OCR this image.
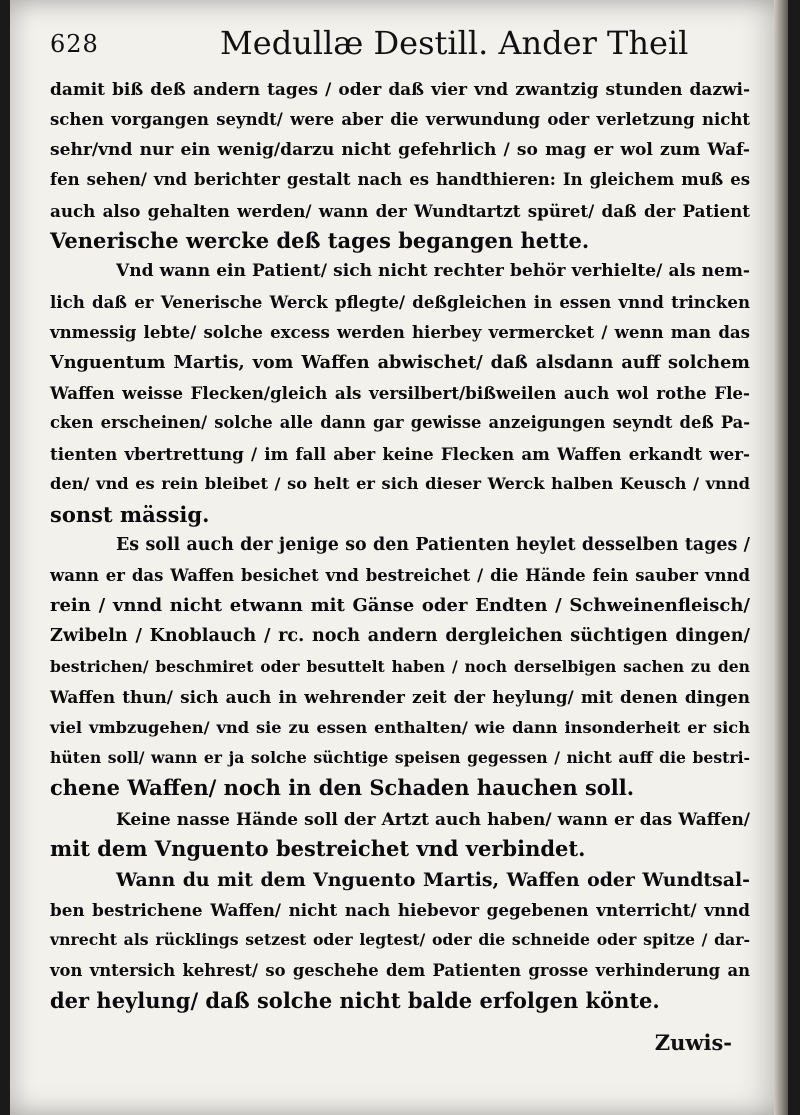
628	Medullæ Destill. Ander Theil
damit biß deß andern tages / oder daß vier vnd zwantzig stunden dazwi-
schen vorgangen seyndt/ were aber die verwundung oder verletzung nicht
sehr/vnd nur ein wenig/darzu nicht gefehrlich / so mag er wol zum Waf-
fen sehen/ vnd berichter gestalt nach es handthieren: In gleichem muß es
auch also gehalten werden/ wann der Wundtartzt spüret/ daß der Patient
Venerische wercke deß tages begangen hette.
Vnd wann ein Patient/ sich nicht rechter behör verhielte/ als nem-
lich daß er Venerische Werck pflegte/ deßgleichen in essen vnnd trincken
vnmessig lebte/ solche excess werden hierbey vermercket / wenn man das
Vnguentum Martis, vom Waffen abwischet/ daß alsdann auff solchem
Waffen weisse Flecken/gleich als versilbert/bißweilen auch wol rothe Fle-
cken erscheinen/ solche alle dann gar gewisse anzeigungen seyndt deß Pa-
tienten vbertrettung / im fall aber keine Flecken am Waffen erkandt wer-
den/ vnd es rein bleibet / so helt er sich dieser Werck halben Keusch / vnnd
sonst mässig.
Es soll auch der jenige so den Patienten heylet desselben tages /
wann er das Waffen besichet vnd bestreichet / die Hände fein sauber vnnd
rein / vnnd nicht etwann mit Gänse oder Endten / Schweinenfleisch/
Zwibeln / Knoblauch / rc. noch andern dergleichen süchtigen dingen/
bestrichen/ beschmiret oder besuttelt haben / noch derselbigen sachen zu den
Waffen thun/ sich auch in wehrender zeit der heylung/ mit denen dingen
viel vmbzugehen/ vnd sie zu essen enthalten/ wie dann insonderheit er sich
hüten soll/ wann er ja solche süchtige speisen gegessen / nicht auff die bestri-
chene Waffen/ noch in den Schaden hauchen soll.
Keine nasse Hände soll der Artzt auch haben/ wann er das Waffen/
mit dem Vnguento bestreichet vnd verbindet.
Wann du mit dem Vnguento Martis, Waffen oder Wundtsal-
ben bestrichene Waffen/ nicht nach hiebevor gegebenen vnterricht/ vnnd
vnrecht als rücklings setzest oder legtest/ oder die schneide oder spitze / dar-
von vntersich kehrest/ so geschehe dem Patienten grosse verhinderung an
der heylung/ daß solche nicht balde erfolgen könte.
Zuwis-
